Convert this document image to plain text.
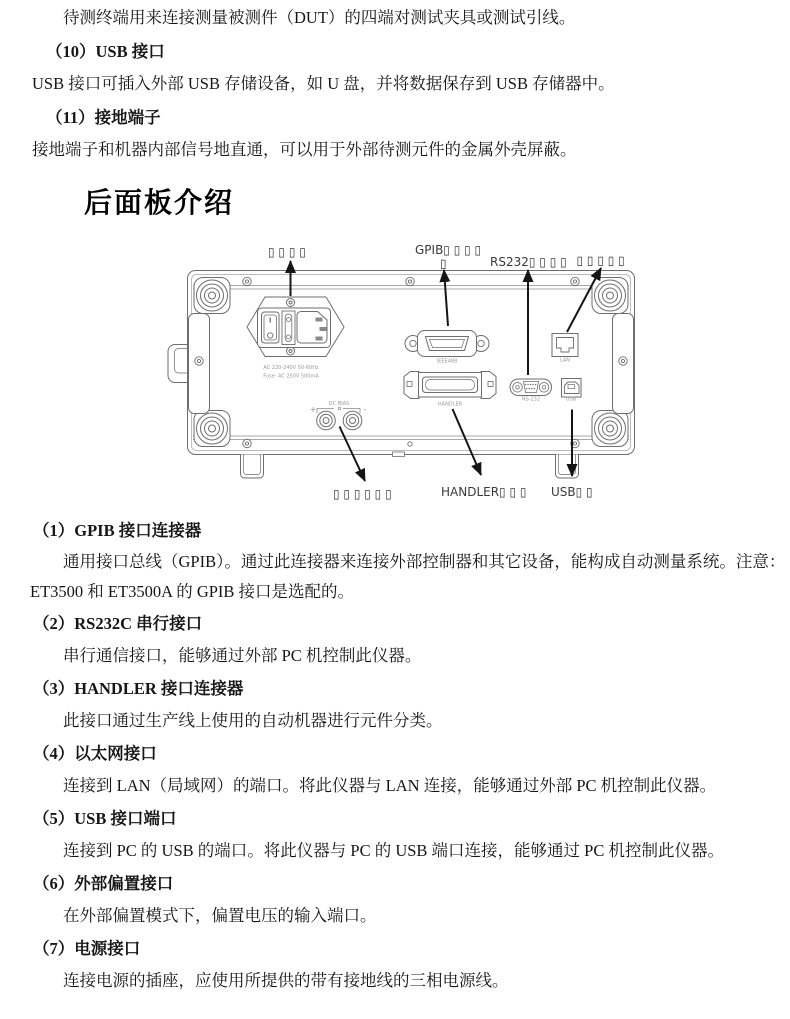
待测终端用来连接测量被测件（DUT）的四端对测试夹具或测试引线。

（10）USB 接口

USB 接口可插入外部 USB 存储设备，如 U 盘，并将数据保存到 USB 存储器中。

（11）接地端子

接地端子和机器内部信号地直通，可以用于外部待测元件的金属外壳屏蔽。

后面板介绍
AC 220-240V 50-60Hz
Fuse: AC 250V 500mA
DC BIAS
+	-
IEEE488
HANDLER
RS-232
LAN
USB
▯ ▯ ▯ ▯	GPIB▯ ▯ ▯ ▯
▯	RS232▯ ▯ ▯ ▯ ▯ ▯ ▯ ▯ ▯
▯ ▯ ▯ ▯ ▯ ▯	HANDLER▯ ▯ ▯ USB▯ ▯

（1）GPIB 接口连接器

通用接口总线（GPIB）。通过此连接器来连接外部控制器和其它设备，能构成自动测量系统。注意：ET3500 和 ET3500A 的 GPIB 接口是选配的。

（2）RS232C 串行接口

串行通信接口，能够通过外部 PC 机控制此仪器。

（3）HANDLER 接口连接器

此接口通过生产线上使用的自动机器进行元件分类。

（4）以太网接口

连接到 LAN（局域网）的端口。将此仪器与 LAN 连接，能够通过外部 PC 机控制此仪器。

（5）USB 接口端口

连接到 PC 的 USB 的端口。将此仪器与 PC 的 USB 端口连接，能够通过 PC 机控制此仪器。

（6）外部偏置接口

在外部偏置模式下，偏置电压的输入端口。

（7）电源接口

连接电源的插座，应使用所提供的带有接地线的三相电源线。
